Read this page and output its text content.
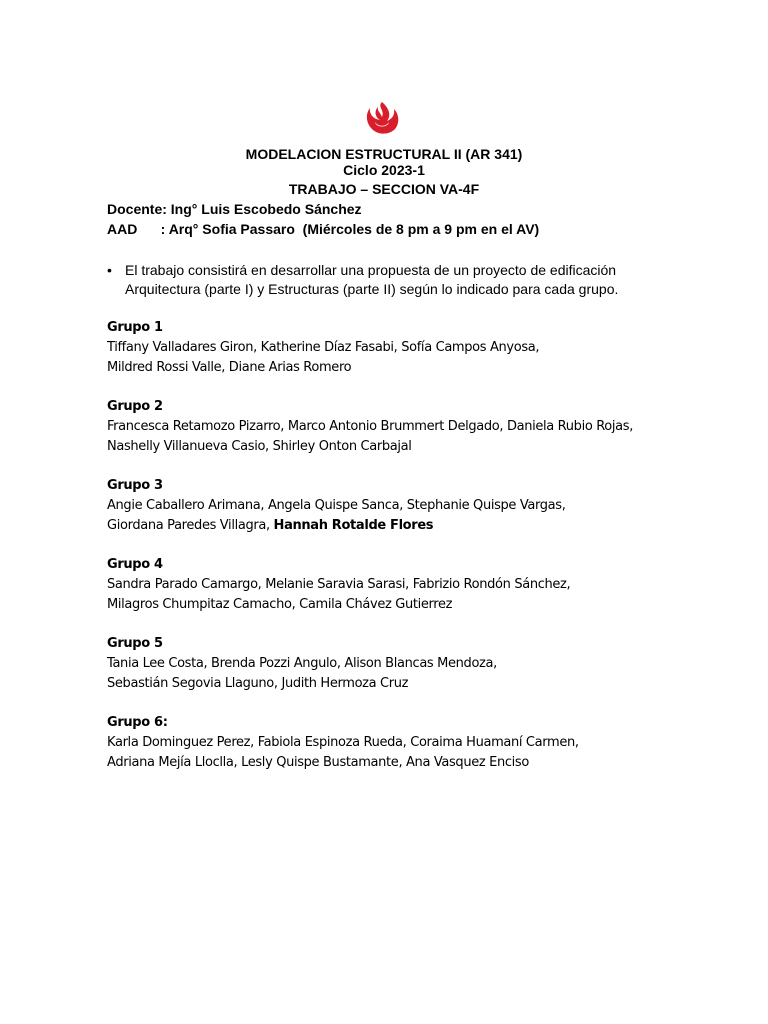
MODELACION ESTRUCTURAL II (AR 341)
Ciclo 2023-1
TRABAJO – SECCION VA-4F
Docente: Ing° Luis Escobedo Sánchez
AAD      : Arq° Sofia Passaro  (Miércoles de 8 pm a 9 pm en el AV)
• El trabajo consistirá en desarrollar una propuesta de un proyecto de edificación
Arquitectura (parte I) y Estructuras (parte II) según lo indicado para cada grupo.
Grupo 1
Tiffany Valladares Giron, Katherine Díaz Fasabi, Sofía Campos Anyosa,
Mildred Rossi Valle, Diane Arias Romero
Grupo 2
Francesca Retamozo Pizarro, Marco Antonio Brummert Delgado, Daniela Rubio Rojas,
Nashelly Villanueva Casio, Shirley Onton Carbajal
Grupo 3
Angie Caballero Arimana, Angela Quispe Sanca, Stephanie Quispe Vargas,
Giordana Paredes Villagra, Hannah Rotalde Flores
Grupo 4
Sandra Parado Camargo, Melanie Saravia Sarasi, Fabrizio Rondón Sánchez,
Milagros Chumpitaz Camacho, Camila Chávez Gutierrez
Grupo 5
Tania Lee Costa, Brenda Pozzi Angulo, Alison Blancas Mendoza,
Sebastián Segovia Llaguno, Judith Hermoza Cruz
Grupo 6:
Karla Dominguez Perez, Fabiola Espinoza Rueda, Coraima Huamaní Carmen,
Adriana Mejía Lloclla, Lesly Quispe Bustamante, Ana Vasquez Enciso
